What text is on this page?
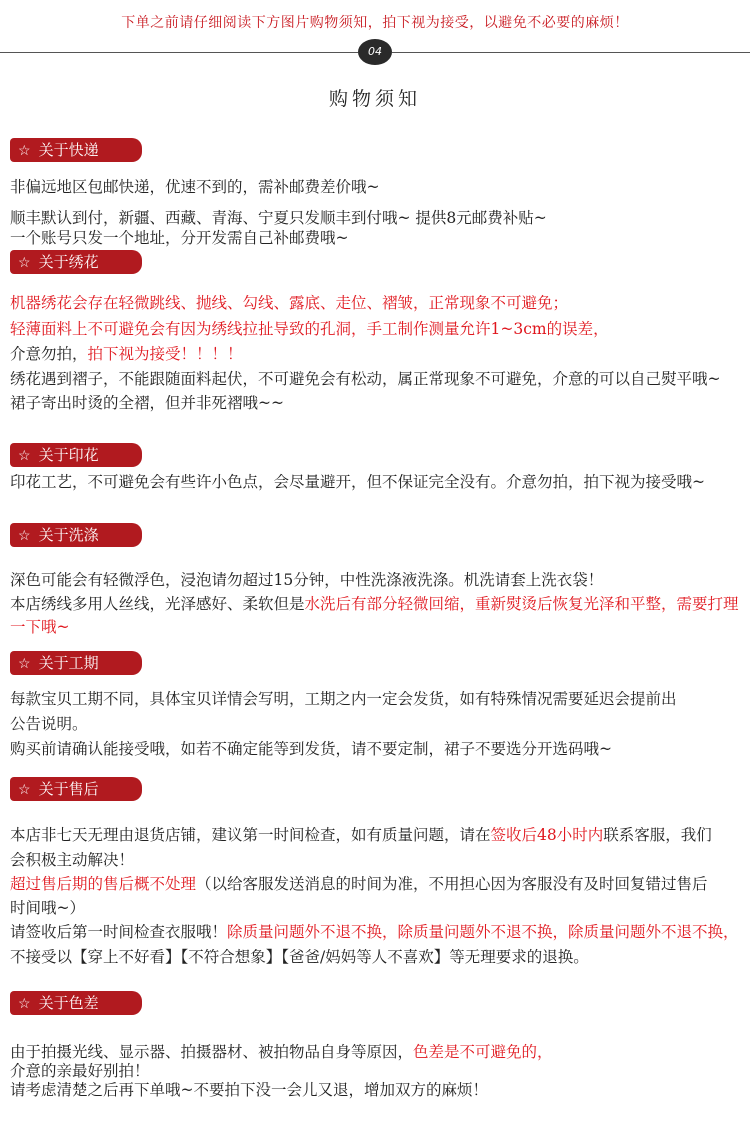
下单之前请仔细阅读下方图片购物须知，拍下视为接受，以避免不必要的麻烦！
04
购物须知
☆ 关于快递
非偏远地区包邮快递，优速不到的，需补邮费差价哦~
顺丰默认到付，新疆、西藏、青海、宁夏只发顺丰到付哦~ 提供8元邮费补贴~
一个账号只发一个地址，分开发需自己补邮费哦~
☆ 关于绣花
机器绣花会存在轻微跳线、抛线、勾线、露底、走位、褶皱，正常现象不可避免；
轻薄面料上不可避免会有因为绣线拉扯导致的孔洞，手工制作测量允许1~3cm的误差，
介意勿拍，拍下视为接受！！！！
绣花遇到褶子，不能跟随面料起伏，不可避免会有松动，属正常现象不可避免，介意的可以自己熨平哦~
裙子寄出时烫的全褶，但并非死褶哦~~
☆ 关于印花
印花工艺，不可避免会有些许小色点，会尽量避开，但不保证完全没有。介意勿拍，拍下视为接受哦~
☆ 关于洗涤
深色可能会有轻微浮色，浸泡请勿超过15分钟，中性洗涤液洗涤。机洗请套上洗衣袋！
本店绣线多用人丝线，光泽感好、柔软但是水洗后有部分轻微回缩，重新熨烫后恢复光泽和平整，需要打理
一下哦~
☆ 关于工期
每款宝贝工期不同，具体宝贝详情会写明，工期之内一定会发货，如有特殊情况需要延迟会提前出
公告说明。
购买前请确认能接受哦，如若不确定能等到发货，请不要定制，裙子不要选分开选码哦~
☆ 关于售后
本店非七天无理由退货店铺，建议第一时间检查，如有质量问题，请在签收后48小时内联系客服，我们
会积极主动解决！
超过售后期的售后概不处理（以给客服发送消息的时间为准，不用担心因为客服没有及时回复错过售后
时间哦~）
请签收后第一时间检查衣服哦！除质量问题外不退不换，除质量问题外不退不换，除质量问题外不退不换，
不接受以【穿上不好看】【不符合想象】【爸爸/妈妈等人不喜欢】等无理要求的退换。
☆ 关于色差
由于拍摄光线、显示器、拍摄器材、被拍物品自身等原因，色差是不可避免的，
介意的亲最好别拍！
请考虑清楚之后再下单哦~不要拍下没一会儿又退，增加双方的麻烦！
